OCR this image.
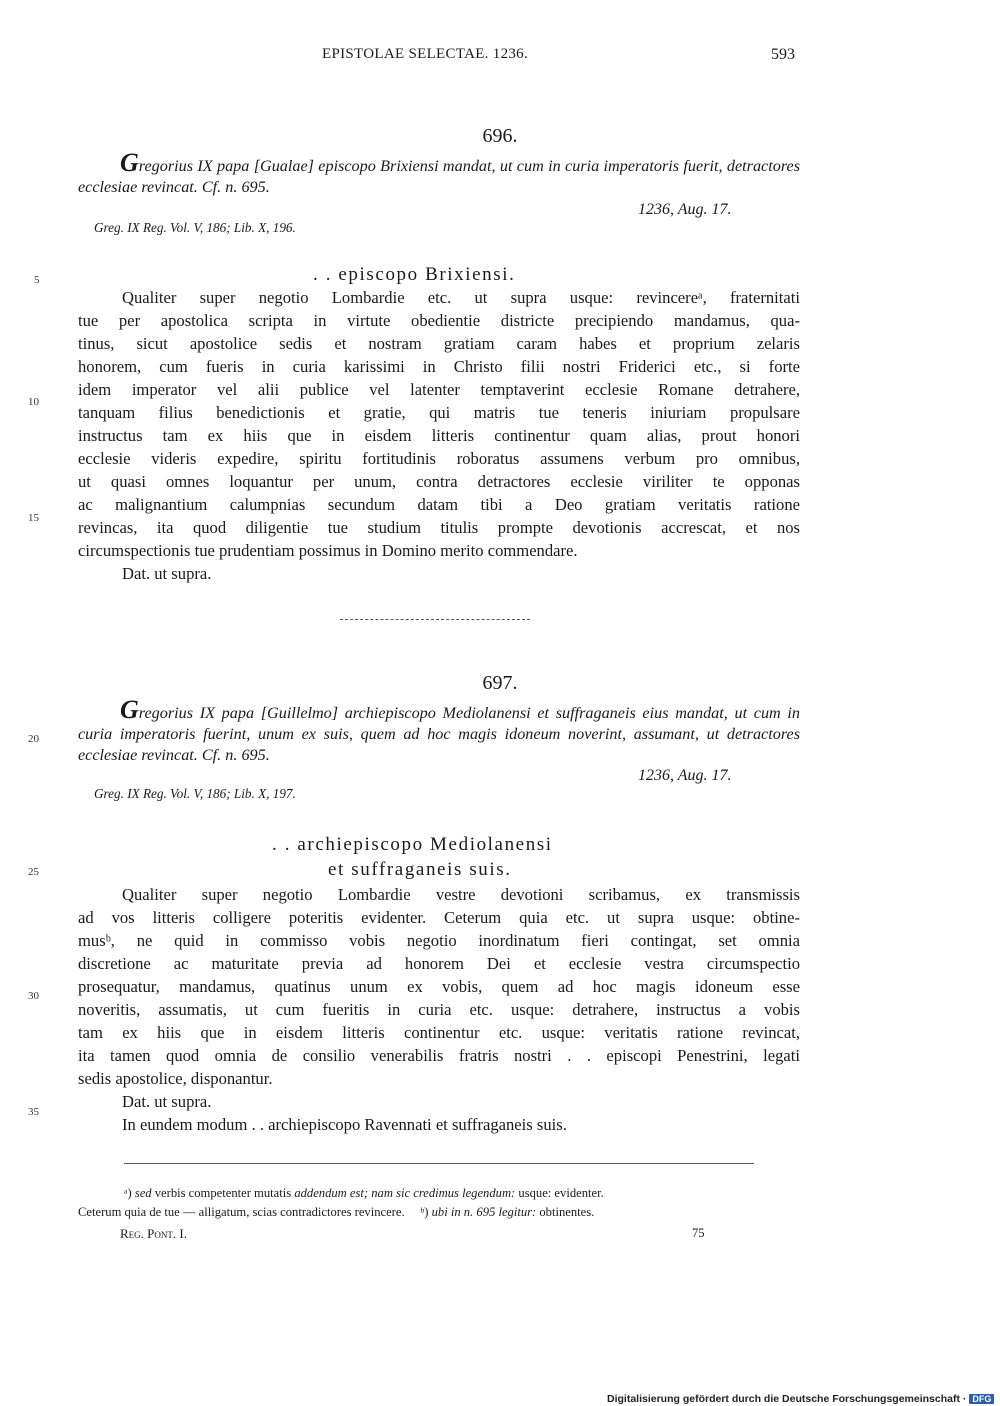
EPISTOLAE SELECTAE. 1236.	593
696.
Gregorius IX papa [Gualae] episcopo Brixiensi mandat, ut cum in curia imperatoris fuerit, detractores ecclesiae revincat. Cf. n. 695.
1236, Aug. 17.
Greg. IX Reg. Vol. V, 186; Lib. X, 196.
. . episcopo Brixiensi.
Qualiter super negotio Lombardie etc. ut supra usque: revincereᵃ, fraternitati
tue per apostolica scripta in virtute obedientie districte precipiendo mandamus, qua-
tinus, sicut apostolice sedis et nostram gratiam caram habes et proprium zelaris
honorem, cum fueris in curia karissimi in Christo filii nostri Friderici etc., si forte
idem imperator vel alii publice vel latenter temptaverint ecclesie Romane detrahere,
tanquam filius benedictionis et gratie, qui matris tue teneris iniuriam propulsare
instructus tam ex hiis que in eisdem litteris continentur quam alias, prout honori
ecclesie videris expedire, spiritu fortitudinis roboratus assumens verbum pro omnibus,
ut quasi omnes loquantur per unum, contra detractores ecclesie viriliter te opponas
ac malignantium calumpnias secundum datam tibi a Deo gratiam veritatis ratione
revincas, ita quod diligentie tue studium titulis prompte devotionis accrescat, et nos
circumspectionis tue prudentiam possimus in Domino merito commendare.
Dat. ut supra.
697.
Gregorius IX papa [Guillelmo] archiepiscopo Mediolanensi et suffraganeis eius mandat, ut cum in curia imperatoris fuerint, unum ex suis, quem ad hoc magis idoneum noverint, assumant, ut detractores ecclesiae revincat. Cf. n. 695.
1236, Aug. 17.
Greg. IX Reg. Vol. V, 186; Lib. X, 197.
. . archiepiscopo Mediolanensi
et suffraganeis suis.
Qualiter super negotio Lombardie vestre devotioni scribamus, ex transmissis
ad vos litteris colligere poteritis evidenter. Ceterum quia etc. ut supra usque: obtine-
musᵇ, ne quid in commisso vobis negotio inordinatum fieri contingat, set omnia
discretione ac maturitate previa ad honorem Dei et ecclesie vestra circumspectio
prosequatur, mandamus, quatinus unum ex vobis, quem ad hoc magis idoneum esse
noveritis, assumatis, ut cum fueritis in curia etc. usque: detrahere, instructus a vobis
tam ex hiis que in eisdem litteris continentur etc. usque: veritatis ratione revincat,
ita tamen quod omnia de consilio venerabilis fratris nostri . . episcopi Penestrini, legati
sedis apostolice, disponantur.
Dat. ut supra.
In eundem modum . . archiepiscopo Ravennati et suffraganeis suis.
5
10
15
20
25
30
35
ᵃ) sed verbis competenter mutatis addendum est; nam sic credimus legendum: usque: evidenter.
Ceterum quia de tue — alligatum, scias contradictores revincere. ᵇ) ubi in n. 695 legitur: obtinentes.
Reg. Pont. I.	75
Digitalisierung gefördert durch die Deutsche Forschungsgemeinschaft · DFG
